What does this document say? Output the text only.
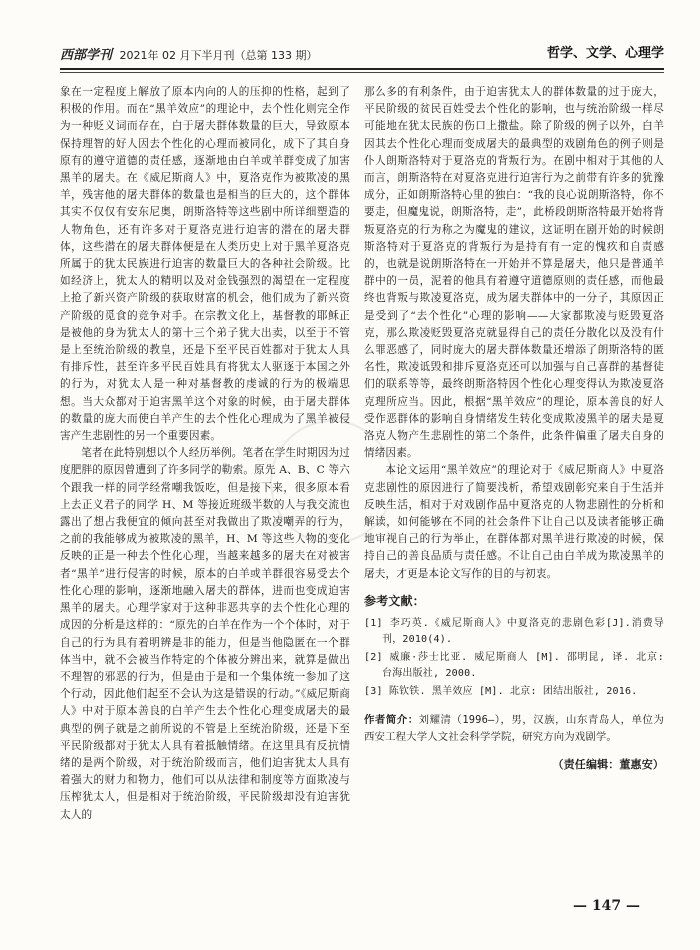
西部学刊 2021年 02 月下半月刊（总第 133 期）	哲学、文学、心理学

象在一定程度上解放了原本内向的人的压抑的性格，起到了积极的作用。而在“黑羊效应”的理论中，去个性化则完全作为一种贬义词而存在，白于屠夫群体数量的巨大，导致原本保持理智的好人因去个性化的心理而被同化，成下了其自身原有的遵守道德的责任感，逐渐地由白羊或羊群变成了加害黑羊的屠夫。在《威尼斯商人》中，夏洛克作为被欺凌的黑羊，残害他的屠夫群体的数量也是相当的巨大的，这个群体其实不仅仅有安东尼奥，朗斯洛特等这些剧中所详细塑造的人物角色，还有许多对于夏洛克进行迫害的潜在的屠夫群体，这些潜在的屠夫群体便是在人类历史上对于黑羊夏洛克所属于的犹太民族进行迫害的数量巨大的各种社会阶级。比如经济上，犹太人的精明以及对金钱强烈的渴望在一定程度上抢了新兴资产阶级的获取财富的机会，他们成为了新兴资产阶级的觅食的竞争对手。在宗教文化上，基督教的耶稣正是被他的身为犹太人的第十三个弟子犹大出卖，以至于不管是上至统治阶级的教皇，还是下至平民百姓都对于犹太人具有排斥性，甚至许多平民百姓具有将犹太人驱逐于本国之外的行为，对犹太人是一种对基督教的虔诚的行为的极端思想。当大众都对于迫害黑羊这个对象的时候，由于屠夫群体的数量的庞大而使白羊产生的去个性化心理成为了黑羊被侵害产生悲剧性的另一个重要因素。

笔者在此特别想以个人经历举例。笔者在学生时期因为过度肥胖的原因曾遭到了许多同学的勒索。原先 A、B、C 等六个跟我一样的同学经常嘲我饭吃，但是接下来，很多原本看上去正义君子的同学 H、M 等接近班级半数的人与我交流也露出了想占我便宜的倾向甚至对我做出了欺凌嘲弄的行为，之前的我能够成为被欺凌的黑羊，H、M 等这些人物的变化反映的正是一种去个性化心理，当越来越多的屠夫在对被害者“黑羊”进行侵害的时候，原本的白羊或羊群很容易受去个性化心理的影响，逐渐地融入屠夫的群体，进而也变成迫害黑羊的屠夫。心理学家对于这种非恶共享的去个性化心理的成因的分析是这样的：“原先的白羊在作为一个个体时，对于自己的行为具有着明辨是非的能力，但是当他隐匿在一个群体当中，就不会被当作特定的个体被分辨出来，就算是做出不理智的邪恶的行为，但是由于是和一个集体统一参加了这个行动，因此他们起至不会认为这是错误的行动。”《威尼斯商人》中对于原本善良的白羊产生去个性化心理变成屠夫的最典型的例子就是之前所说的不管是上至统治阶级，还是下至平民阶级都对于犹太人具有着抵触情绪。在这里具有反抗情绪的是两个阶级，对于统治阶级而言，他们迫害犹太人具有着强大的财力和物力，他们可以从法律和制度等方面欺凌与压榨犹太人，但是相对于统治阶级，平民阶级却没有迫害犹太人的

那么多的有利条件，由于迫害犹太人的群体数量的过于庞大，平民阶级的贫民百姓受去个性化的影响，也与统治阶级一样尽可能地在犹太民族的伤口上撒盐。除了阶级的例子以外，白羊因其去个性化心理而变成屠夫的最典型的戏剧角色的例子则是仆人朗斯洛特对于夏洛克的背叛行为。在剧中相对于其他的人而言，朗斯洛特在对夏洛克进行迫害行为之前带有许多的犹豫成分，正如朗斯洛特心里的独白：“我的良心说朗斯洛特，你不要走，但魔鬼说，朗斯洛特，走”，此桥段朗斯洛特最开始将背叛夏洛克的行为称之为魔鬼的建议，这证明在剧开始的时候朗斯洛特对于夏洛克的背叛行为是持有有一定的愧疚和自责感的，也就是说朗斯洛特在一开始并不算是屠夫，他只是普通羊群中的一员，泥着的他具有着遵守道德原则的责任感，而他最终也背叛与欺凌夏洛克，成为屠夫群体中的一分子，其原因正是受到了“去个性化”心理的影响——大家都欺凌与贬毁夏洛克，那么欺凌贬毁夏洛克就显得自己的责任分散化以及没有什么罪恶感了，同时庞大的屠夫群体数量还增添了朗斯洛特的匿名性，欺凌诋毁和排斥夏洛克还可以加强与自己喜群的基督徒们的联系等等，最终朗斯洛特因个性化心理变得认为欺凌夏洛克理所应当。因此，根据“黑羊效应”的理论，原本善良的好人受作恶群体的影响自身情绪发生转化变成欺凌黑羊的屠夫是夏洛克人物产生悲剧性的第二个条件，此条件偏重了屠夫自身的情绪因素。

本论文运用“黑羊效应”的理论对于《威尼斯商人》中夏洛克悲剧性的原因进行了简要浅析，希望戏剧彰究来自于生活并反映生活，相对于对戏剧作品中夏洛克的人物悲剧性的分析和解读，如何能够在不同的社会条件下让自己以及读者能够正确地审视自己的行为举止，在群体都对黑羊进行欺凌的时候，保持自己的善良品质与责任感。不让自己由白羊成为欺凌黑羊的屠夫，才更是本论文写作的目的与初衷。

参考文献：
[1] 李巧英.《威尼斯商人》中夏洛克的悲剧色彩[J].消费导刊，2010(4).
[2] 威廉·莎士比亚. 威尼斯商人 [M]. 邵明昆, 译. 北京: 台海出版社, 2000.
[3] 陈钦铁. 黑羊效应 [M]. 北京: 团结出版社, 2016.
作者简介：刘耀清（1996—），男，汉族，山东青岛人，单位为西安工程大学人文社会科学学院，研究方向为戏剧学。
（责任编辑：董惠安）
— 147 —
